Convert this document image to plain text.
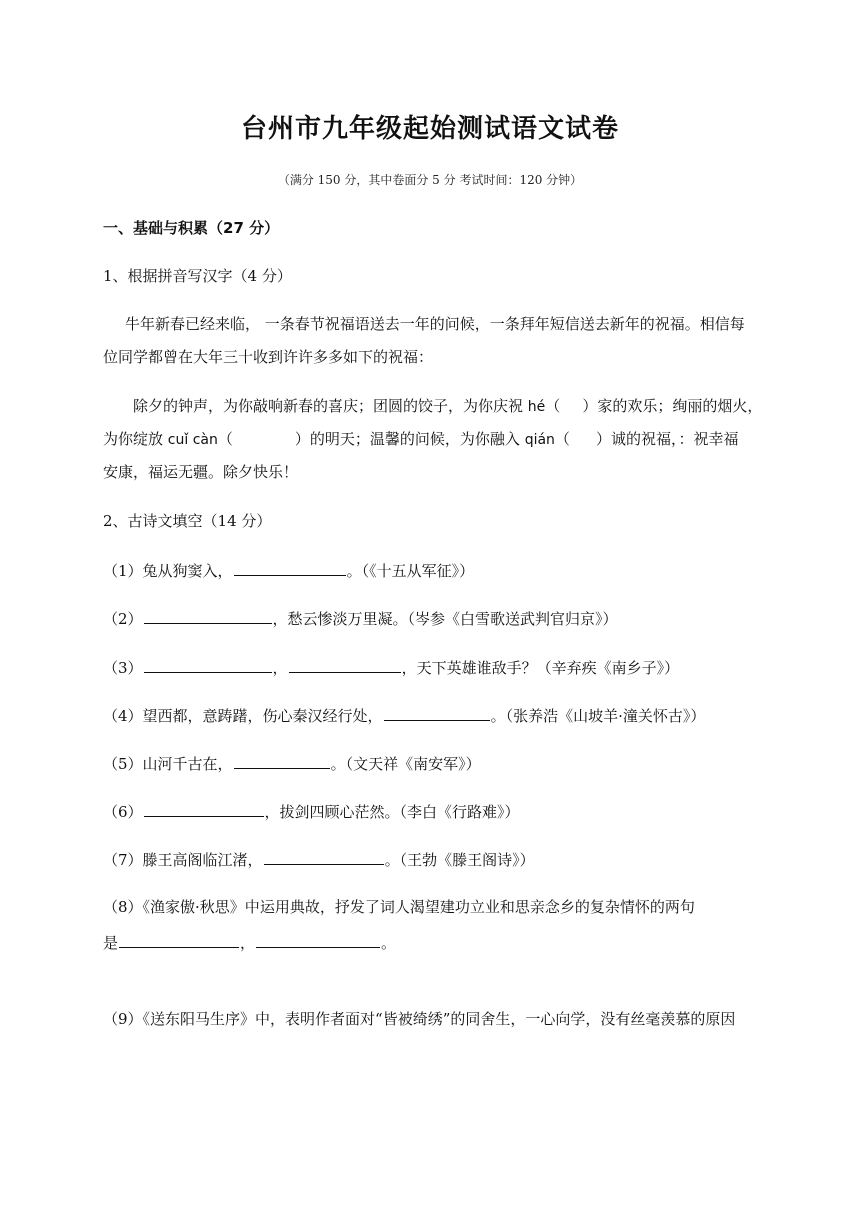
台州市九年级起始测试语文试卷
（满分 150 分，其中卷面分 5 分 考试时间：120 分钟）
一、基础与积累（27 分）
1、根据拼音写汉字（4 分）
牛年新春已经来临， 一条春节祝福语送去一年的问候，一条拜年短信送去新年的祝福。相信每
位同学都曾在大年三十收到许许多多如下的祝福：
除夕的钟声，为你敲响新春的喜庆；团圆的饺子，为你庆祝 hé（ ）家的欢乐；绚丽的烟火，
为你绽放 cuǐ càn（	）的明天；温馨的问候，为你融入 qián（ ）诚的祝福，：祝幸福
安康，福运无疆。除夕快乐！
2、古诗文填空（14 分）
（1）兔从狗窦入，	。（《十五从军征》）
（2）	，愁云惨淡万里凝。（岑参《白雪歌送武判官归京》）
（3）	，	，天下英雄谁敌手？（辛弃疾《南乡子》）
（4）望西都，意踌躇，伤心秦汉经行处，	。（张养浩《山坡羊·潼关怀古》）
（5）山河千古在，	。（文天祥《南安军》）
（6）	，拔剑四顾心茫然。（李白《行路难》）
（7）滕王高阁临江渚，	。（王勃《滕王阁诗》）
（8）《渔家傲·秋思》中运用典故，抒发了词人渴望建功立业和思亲念乡的复杂情怀的两句
是	，	。
（9）《送东阳马生序》中，表明作者面对“皆被绮绣”的同舍生，一心向学，没有丝毫羡慕的原因
